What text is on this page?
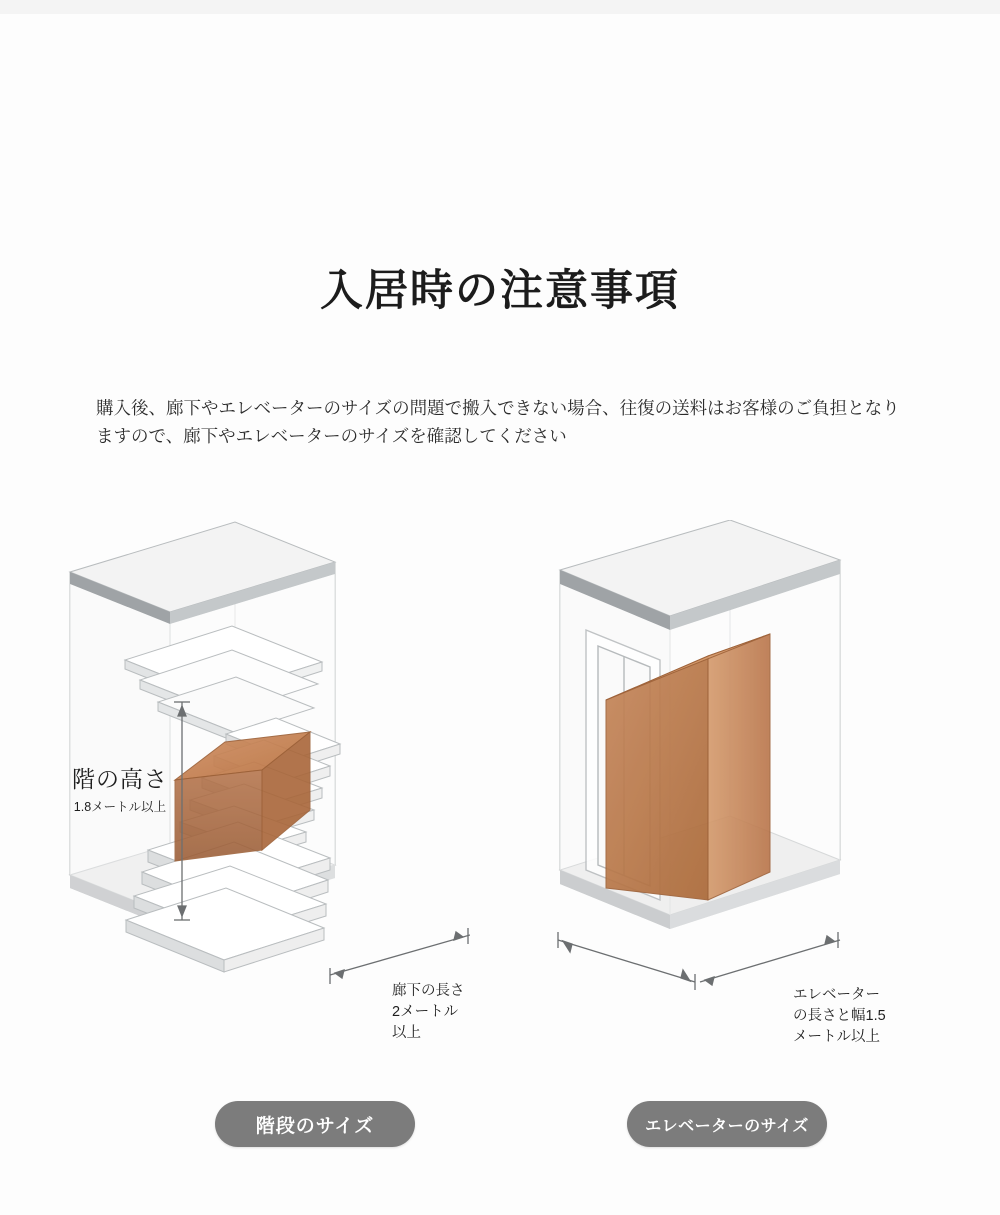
入居時の注意事項

購入後、廊下やエレベーターのサイズの問題で搬入できない場合、往復の送料はお客様のご負担となりますので、廊下やエレベーターのサイズを確認してください

階の高さ
1.8メートル以上
廊下の長さ
2メートル
以上
エレベーター
の長さと幅1.5
メートル以上
階段のサイズ	エレベーターのサイズ
